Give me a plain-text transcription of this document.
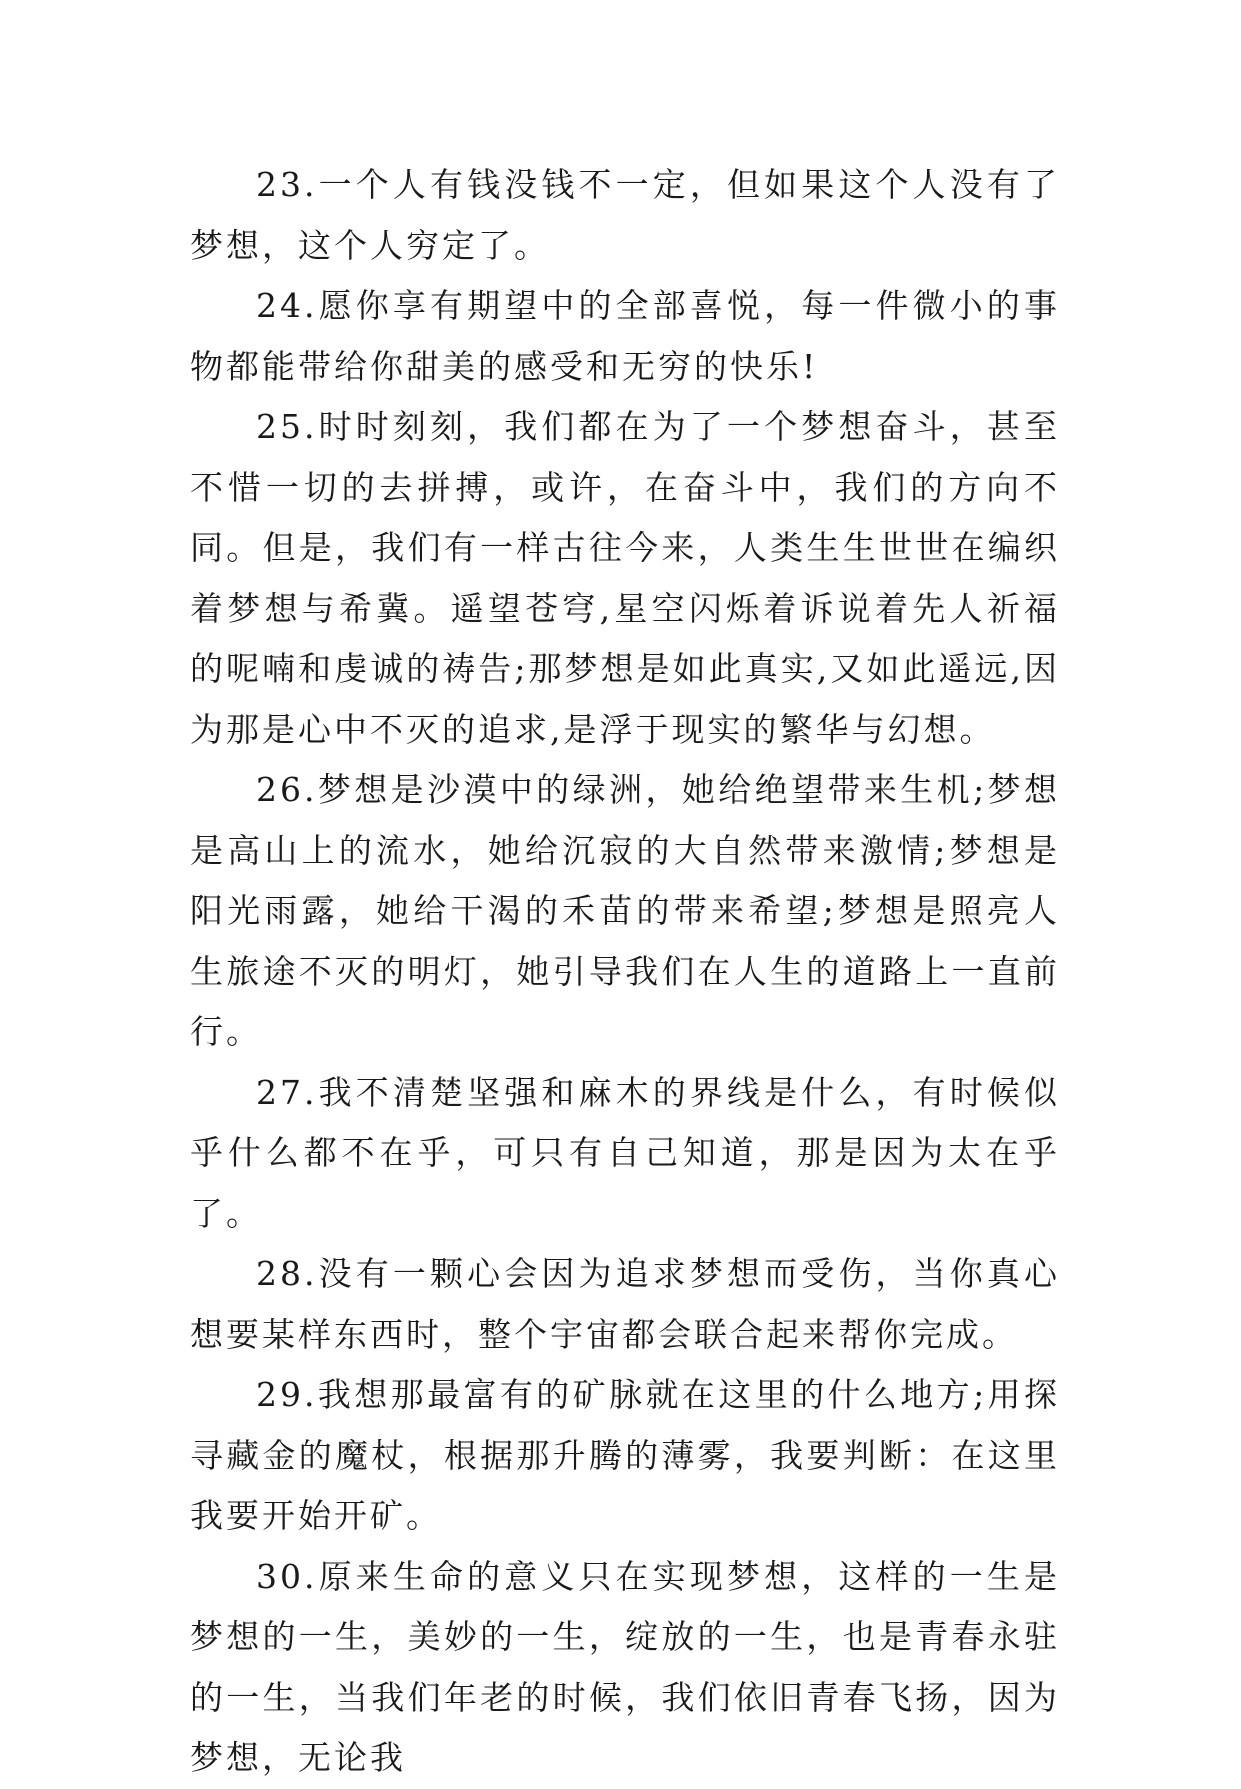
23.一个人有钱没钱不一定，但如果这个人没有了梦想，这个人穷定了。

24.愿你享有期望中的全部喜悦，每一件微小的事物都能带给你甜美的感受和无穷的快乐!

25.时时刻刻，我们都在为了一个梦想奋斗，甚至不惜一切的去拼搏，或许，在奋斗中，我们的方向不同。但是，我们有一样古往今来，人类生生世世在编织着梦想与希冀。遥望苍穹,星空闪烁着诉说着先人祈福的呢喃和虔诚的祷告;那梦想是如此真实,又如此遥远,因为那是心中不灭的追求,是浮于现实的繁华与幻想。

26.梦想是沙漠中的绿洲，她给绝望带来生机;梦想是高山上的流水，她给沉寂的大自然带来激情;梦想是阳光雨露，她给干渴的禾苗的带来希望;梦想是照亮人生旅途不灭的明灯，她引导我们在人生的道路上一直前行。

27.我不清楚坚强和麻木的界线是什么，有时候似乎什么都不在乎，可只有自己知道，那是因为太在乎了。

28.没有一颗心会因为追求梦想而受伤，当你真心想要某样东西时，整个宇宙都会联合起来帮你完成。

29.我想那最富有的矿脉就在这里的什么地方;用探寻藏金的魔杖，根据那升腾的薄雾，我要判断：在这里我要开始开矿。

30.原来生命的意义只在实现梦想，这样的一生是梦想的一生，美妙的一生，绽放的一生，也是青春永驻的一生，当我们年老的时候，我们依旧青春飞扬，因为梦想，无论我
